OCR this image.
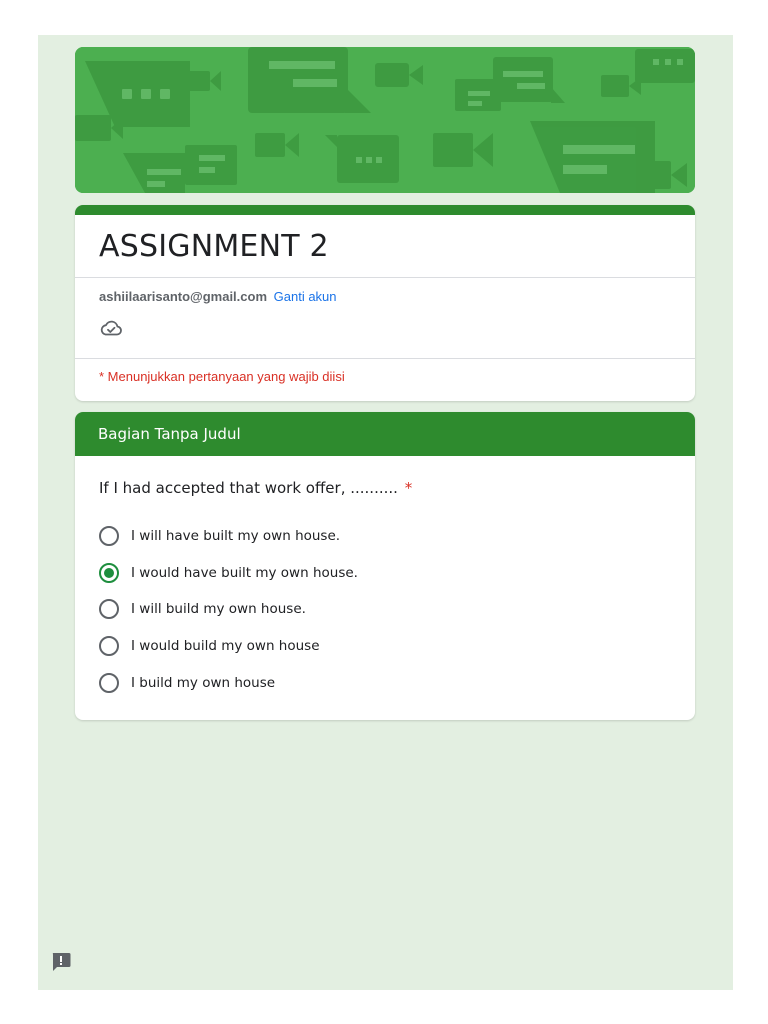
ASSIGNMENT 2
ashiilaarisanto@gmail.com Ganti akun
* Menunjukkan pertanyaan yang wajib diisi
Bagian Tanpa Judul
If I had accepted that work offer, .......... *
I will have built my own house.
I would have built my own house.
I will build my own house.
I would build my own house
I build my own house
